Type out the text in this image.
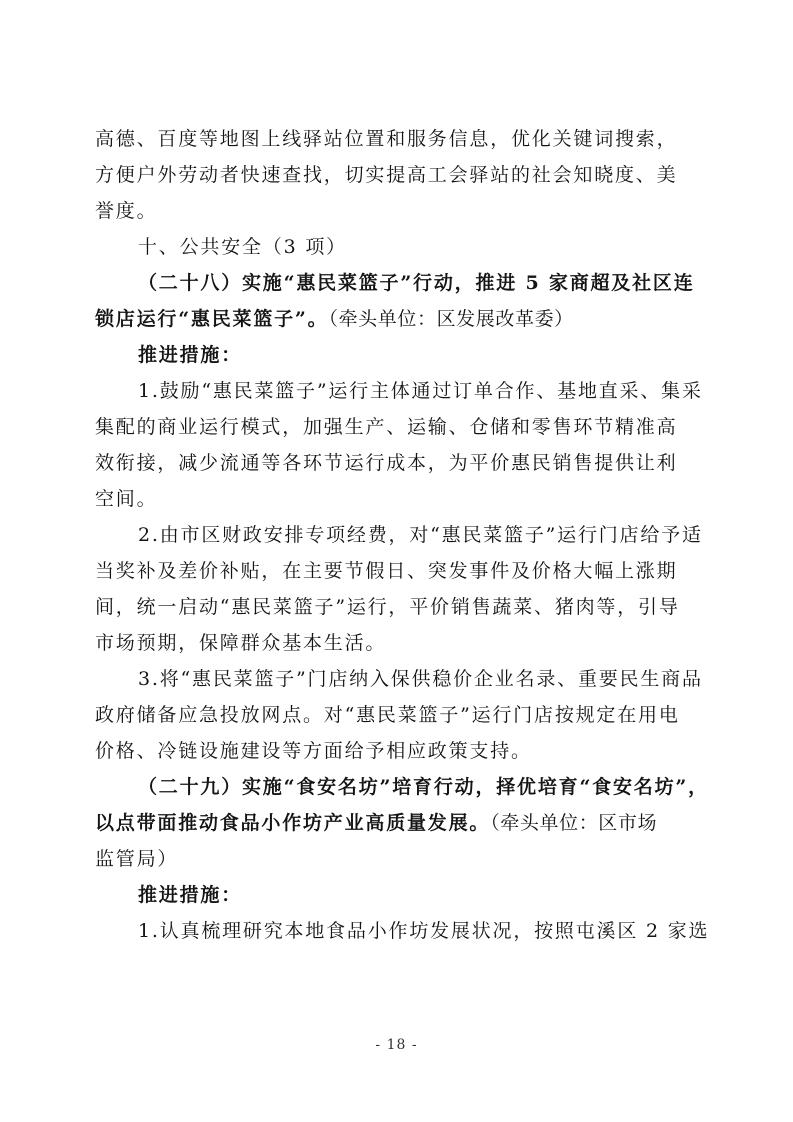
高德、百度等地图上线驿站位置和服务信息，优化关键词搜索，
方便户外劳动者快速查找，切实提高工会驿站的社会知晓度、美
誉度。
十、公共安全（3 项）
（二十八）实施“惠民菜篮子”行动，推进 5 家商超及社区连
锁店运行“惠民菜篮子”。（牵头单位：区发展改革委）
推进措施：
1.鼓励“惠民菜篮子”运行主体通过订单合作、基地直采、集采
集配的商业运行模式，加强生产、运输、仓储和零售环节精准高
效衔接，减少流通等各环节运行成本，为平价惠民销售提供让利
空间。
2.由市区财政安排专项经费，对“惠民菜篮子”运行门店给予适
当奖补及差价补贴，在主要节假日、突发事件及价格大幅上涨期
间，统一启动“惠民菜篮子”运行，平价销售蔬菜、猪肉等，引导
市场预期，保障群众基本生活。
3.将“惠民菜篮子”门店纳入保供稳价企业名录、重要民生商品
政府储备应急投放网点。对“惠民菜篮子”运行门店按规定在用电
价格、冷链设施建设等方面给予相应政策支持。
（二十九）实施“食安名坊”培育行动，择优培育“食安名坊”，
以点带面推动食品小作坊产业高质量发展。（牵头单位：区市场
监管局）
推进措施：
1.认真梳理研究本地食品小作坊发展状况，按照屯溪区 2 家选
- 18 -
